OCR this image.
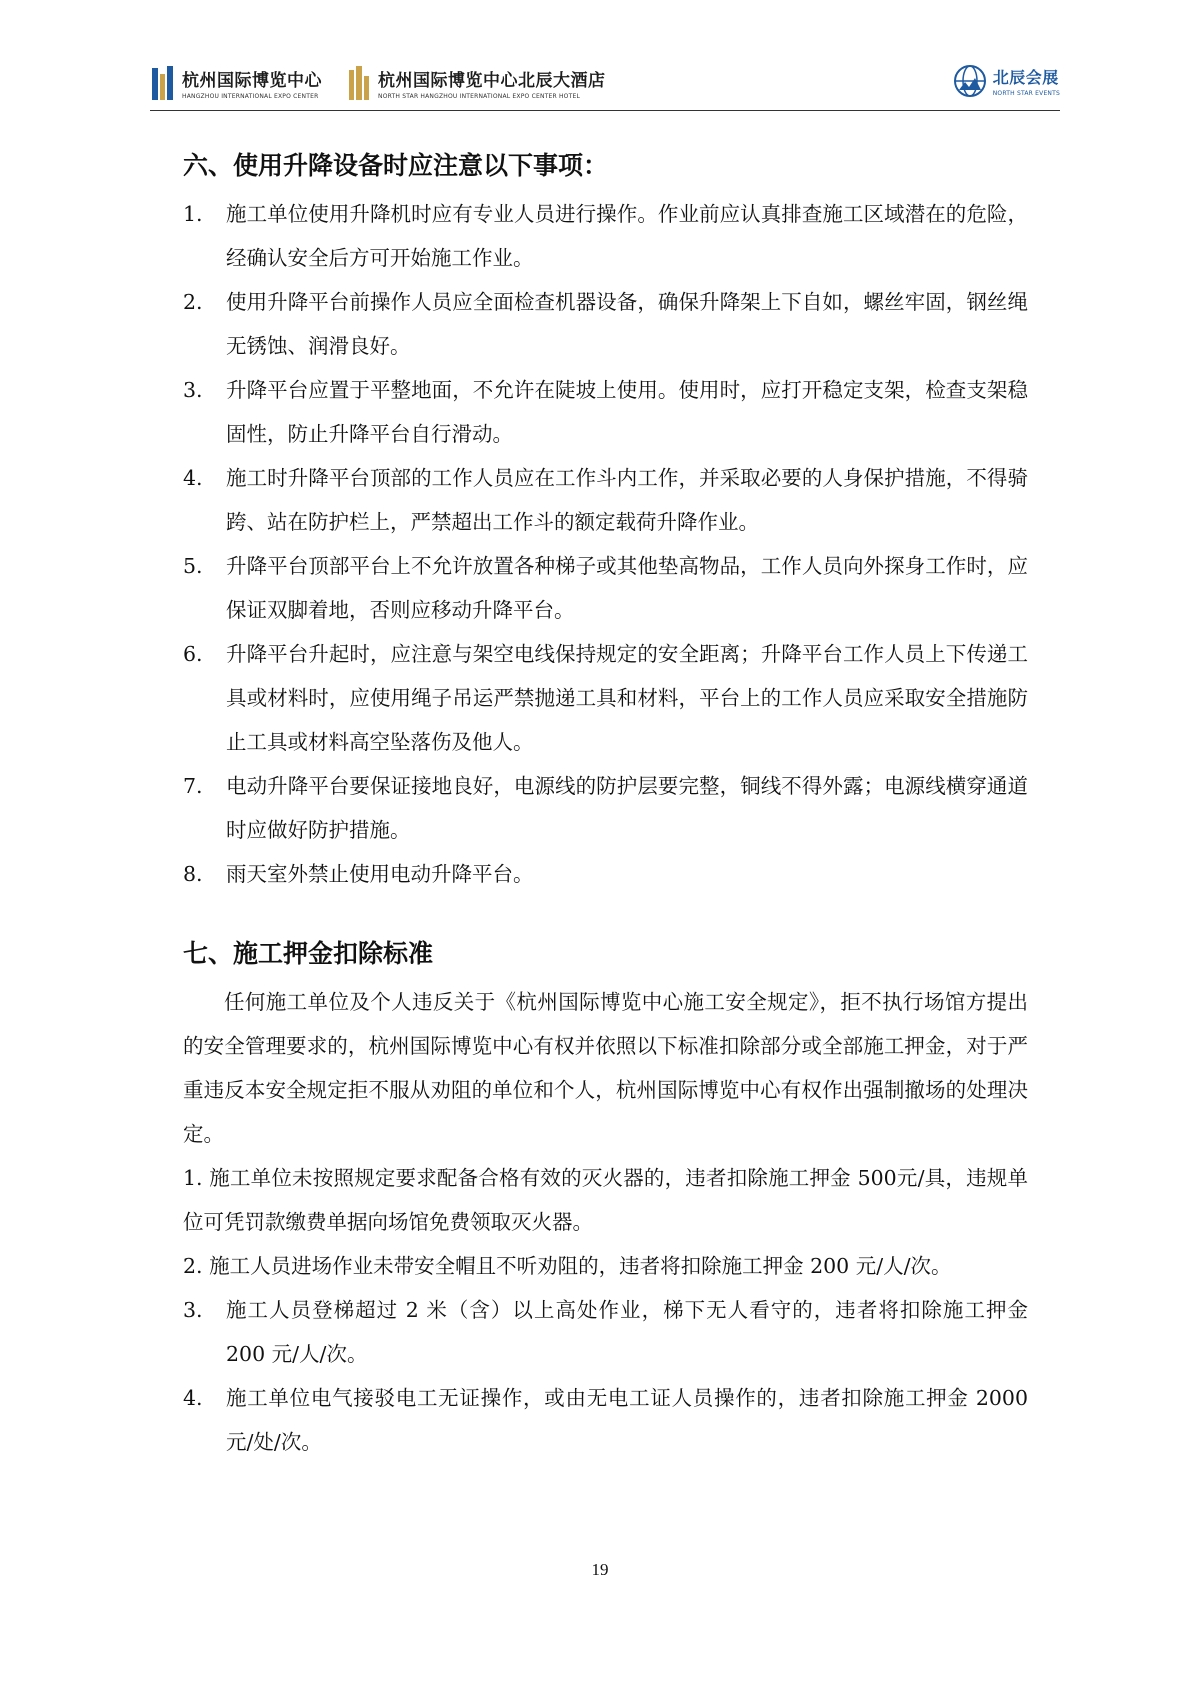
杭州国际博览中心
HANGZHOU INTERNATIONAL EXPO CENTER
杭州国际博览中心北辰大酒店
NORTH STAR HANGZHOU INTERNATIONAL EXPO CENTER HOTEL
北辰会展
NORTH STAR EVENTS
六、使用升降设备时应注意以下事项：
1.	施工单位使用升降机时应有专业人员进行操作。作业前应认真排查施工区域潜在的危险，经确认安全后方可开始施工作业。
2.	使用升降平台前操作人员应全面检查机器设备，确保升降架上下自如，螺丝牢固，钢丝绳无锈蚀、润滑良好。
3.	升降平台应置于平整地面，不允许在陡坡上使用。使用时，应打开稳定支架，检查支架稳固性，防止升降平台自行滑动。
4.	施工时升降平台顶部的工作人员应在工作斗内工作，并采取必要的人身保护措施，不得骑跨、站在防护栏上，严禁超出工作斗的额定载荷升降作业。
5.	升降平台顶部平台上不允许放置各种梯子或其他垫高物品，工作人员向外探身工作时，应保证双脚着地，否则应移动升降平台。
6.	升降平台升起时，应注意与架空电线保持规定的安全距离；升降平台工作人员上下传递工具或材料时，应使用绳子吊运严禁抛递工具和材料，平台上的工作人员应采取安全措施防止工具或材料高空坠落伤及他人。
7.	电动升降平台要保证接地良好，电源线的防护层要完整，铜线不得外露；电源线横穿通道时应做好防护措施。
8.	雨天室外禁止使用电动升降平台。
七、施工押金扣除标准

任何施工单位及个人违反关于《杭州国际博览中心施工安全规定》，拒不执行场馆方提出的安全管理要求的，杭州国际博览中心有权并依照以下标准扣除部分或全部施工押金，对于严重违反本安全规定拒不服从劝阻的单位和个人，杭州国际博览中心有权作出强制撤场的处理决定。

1. 施工单位未按照规定要求配备合格有效的灭火器的，违者扣除施工押金 500元/具，违规单位可凭罚款缴费单据向场馆免费领取灭火器。

2. 施工人员进场作业未带安全帽且不听劝阻的，违者将扣除施工押金 200 元/人/次。

3.	施工人员登梯超过 2 米（含）以上高处作业，梯下无人看守的，违者将扣除施工押金 200 元/人/次。
4.	施工单位电气接驳电工无证操作，或由无电工证人员操作的，违者扣除施工押金 2000 元/处/次。
19
